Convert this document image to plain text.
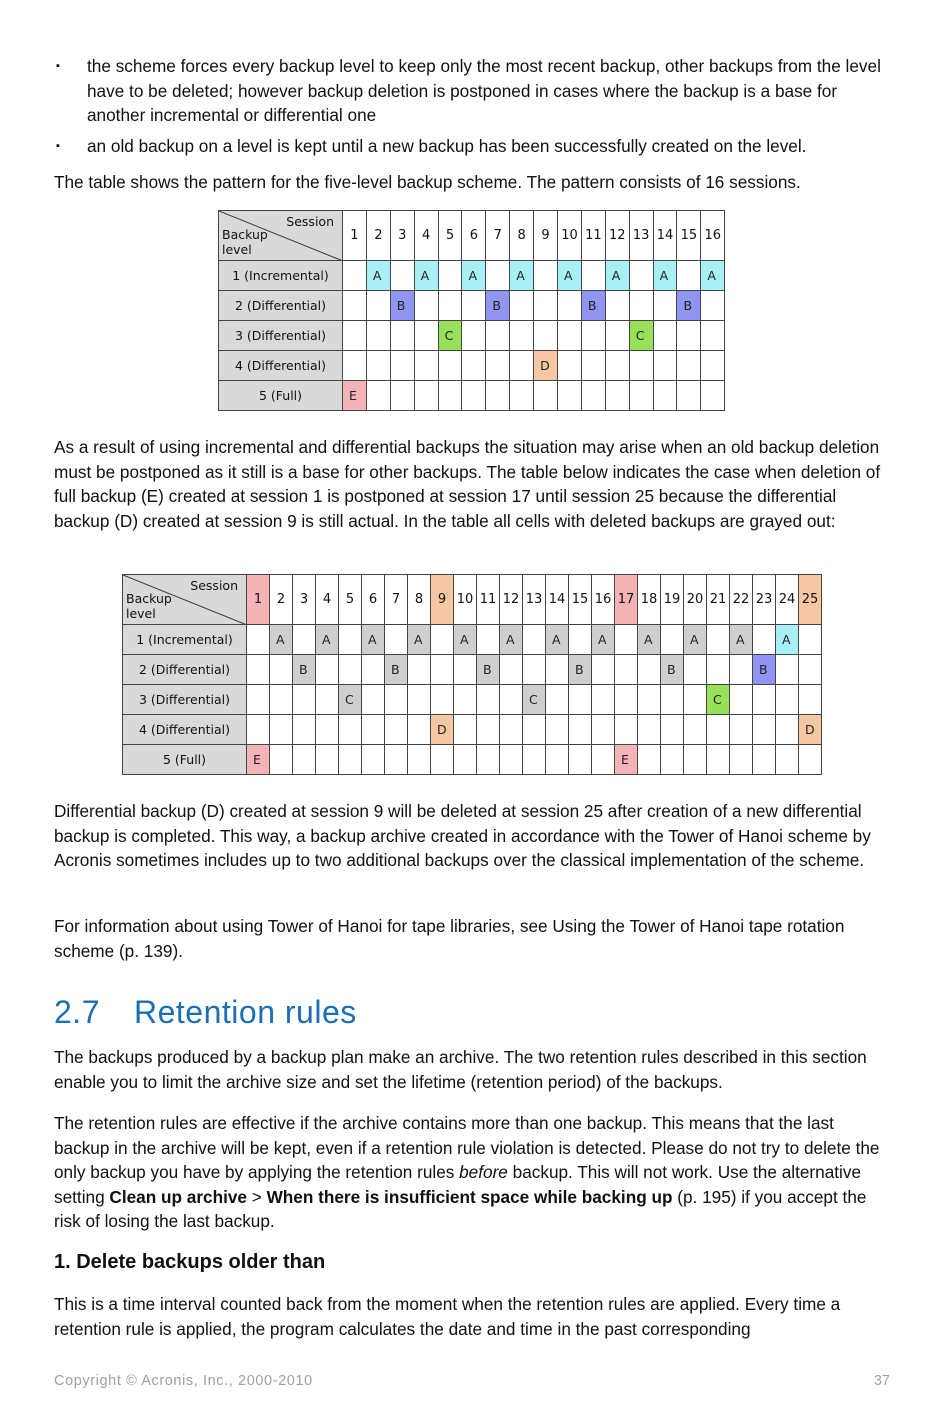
▪ the scheme forces every backup level to keep only the most recent backup, other backups from the level have to be deleted; however backup deletion is postponed in cases where the backup is a base for another incremental or differential one
▪ an old backup on a level is kept until a new backup has been successfully created on the level.

The table shows the pattern for the five-level backup scheme. The pattern consists of 16 sessions.

Session
Backup
level	1	2	3	4	5	6	7	8	9	10	11	12	13	14	15	16
1 (Incremental)		A		A		A		A		A		A		A		A
2 (Differential)			B				B				B				B	
3 (Differential)					C								C			
4 (Differential)									D							
5 (Full)	E															

As a result of using incremental and differential backups the situation may arise when an old backup deletion must be postponed as it still is a base for other backups. The table below indicates the case when deletion of full backup (E) created at session 1 is postponed at session 17 until session 25 because the differential backup (D) created at session 9 is still actual. In the table all cells with deleted backups are grayed out:

Session
Backup
level	1	2	3	4	5	6	7	8	9	10	11	12	13	14	15	16	17	18	19	20	21	22	23	24	25
1 (Incremental)		A		A		A		A		A		A		A		A		A		A		A		A	
2 (Differential)			B				B				B				B				B				B		
3 (Differential)					C								C								C				
4 (Differential)									D																D
5 (Full)	E																E								

Differential backup (D) created at session 9 will be deleted at session 25 after creation of a new differential backup is completed. This way, a backup archive created in accordance with the Tower of Hanoi scheme by Acronis sometimes includes up to two additional backups over the classical implementation of the scheme.

For information about using Tower of Hanoi for tape libraries, see Using the Tower of Hanoi tape rotation scheme (p. 139).

2.7 Retention rules

The backups produced by a backup plan make an archive. The two retention rules described in this section enable you to limit the archive size and set the lifetime (retention period) of the backups.

The retention rules are effective if the archive contains more than one backup. This means that the last backup in the archive will be kept, even if a retention rule violation is detected. Please do not try to delete the only backup you have by applying the retention rules before backup. This will not work. Use the alternative setting Clean up archive > When there is insufficient space while backing up (p. 195) if you accept the risk of losing the last backup.

1. Delete backups older than

This is a time interval counted back from the moment when the retention rules are applied. Every time a retention rule is applied, the program calculates the date and time in the past corresponding

Copyright © Acronis, Inc., 2000-2010	37
